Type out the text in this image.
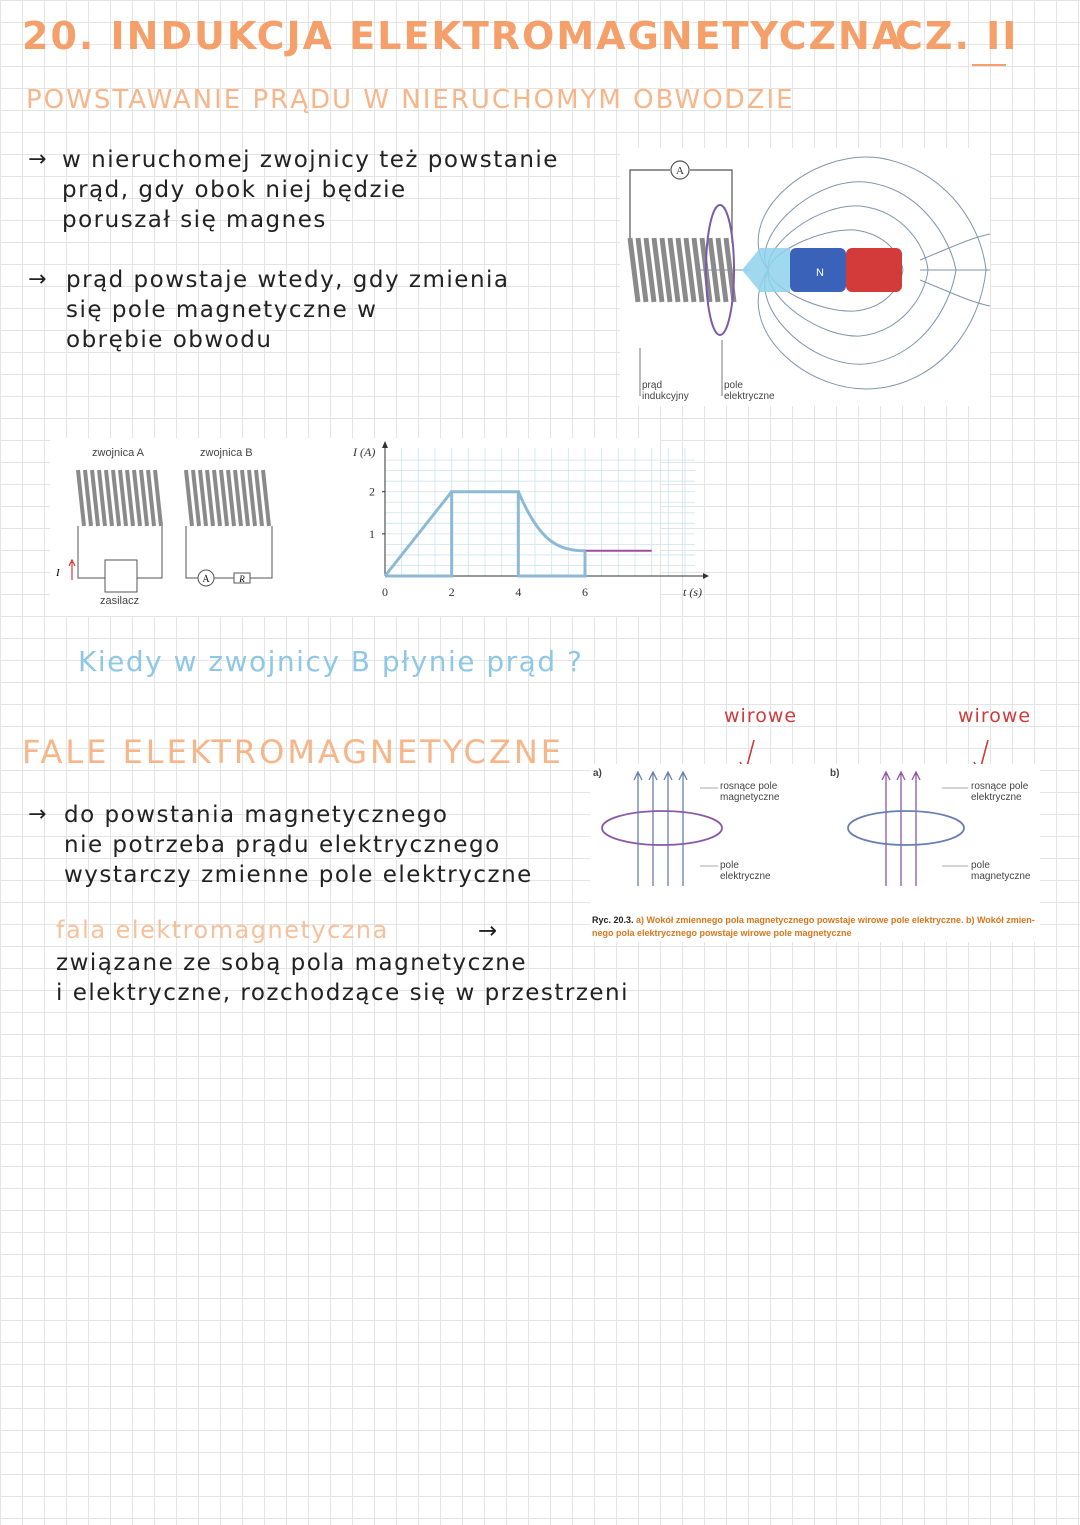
20. INDUKCJA ELEKTROMAGNETYCZNA
CZ. II
POWSTAWANIE PRĄDU W NIERUCHOMYM OBWODZIE
→ w nieruchomej zwojnicy też powstanie
prąd, gdy obok niej będzie
poruszał się magnes
→ prąd powstaje wtedy, gdy zmienia
się pole magnetyczne w
obrębie obwodu
A
N	S
prąd
indukcyjny
pole
elektryczne
zwojnica A	zwojnica B
A	R
I
zasilacz
I (A)
t (s)
0	2	4	6
1
2
Kiedy w zwojnicy B płynie prąd ?
FALE ELEKTROMAGNETYCZNE
→ do powstania magnetycznego
nie potrzeba prądu elektrycznego
wystarczy zmienne pole elektryczne
fala elektromagnetyczna	→
związane ze sobą pola magnetyczne
i elektryczne, rozchodzące się w przestrzeni
wirowe	wirowe
a)	b)
rosnące pole
magnetyczne
pole
elektryczne
rosnące pole
elektryczne
pole
magnetyczne
Ryc. 20.3. a) Wokół zmiennego pola magnetycznego powstaje wirowe pole elektryczne. b) Wokół zmien-
nego pola elektrycznego powstaje wirowe pole magnetyczne
